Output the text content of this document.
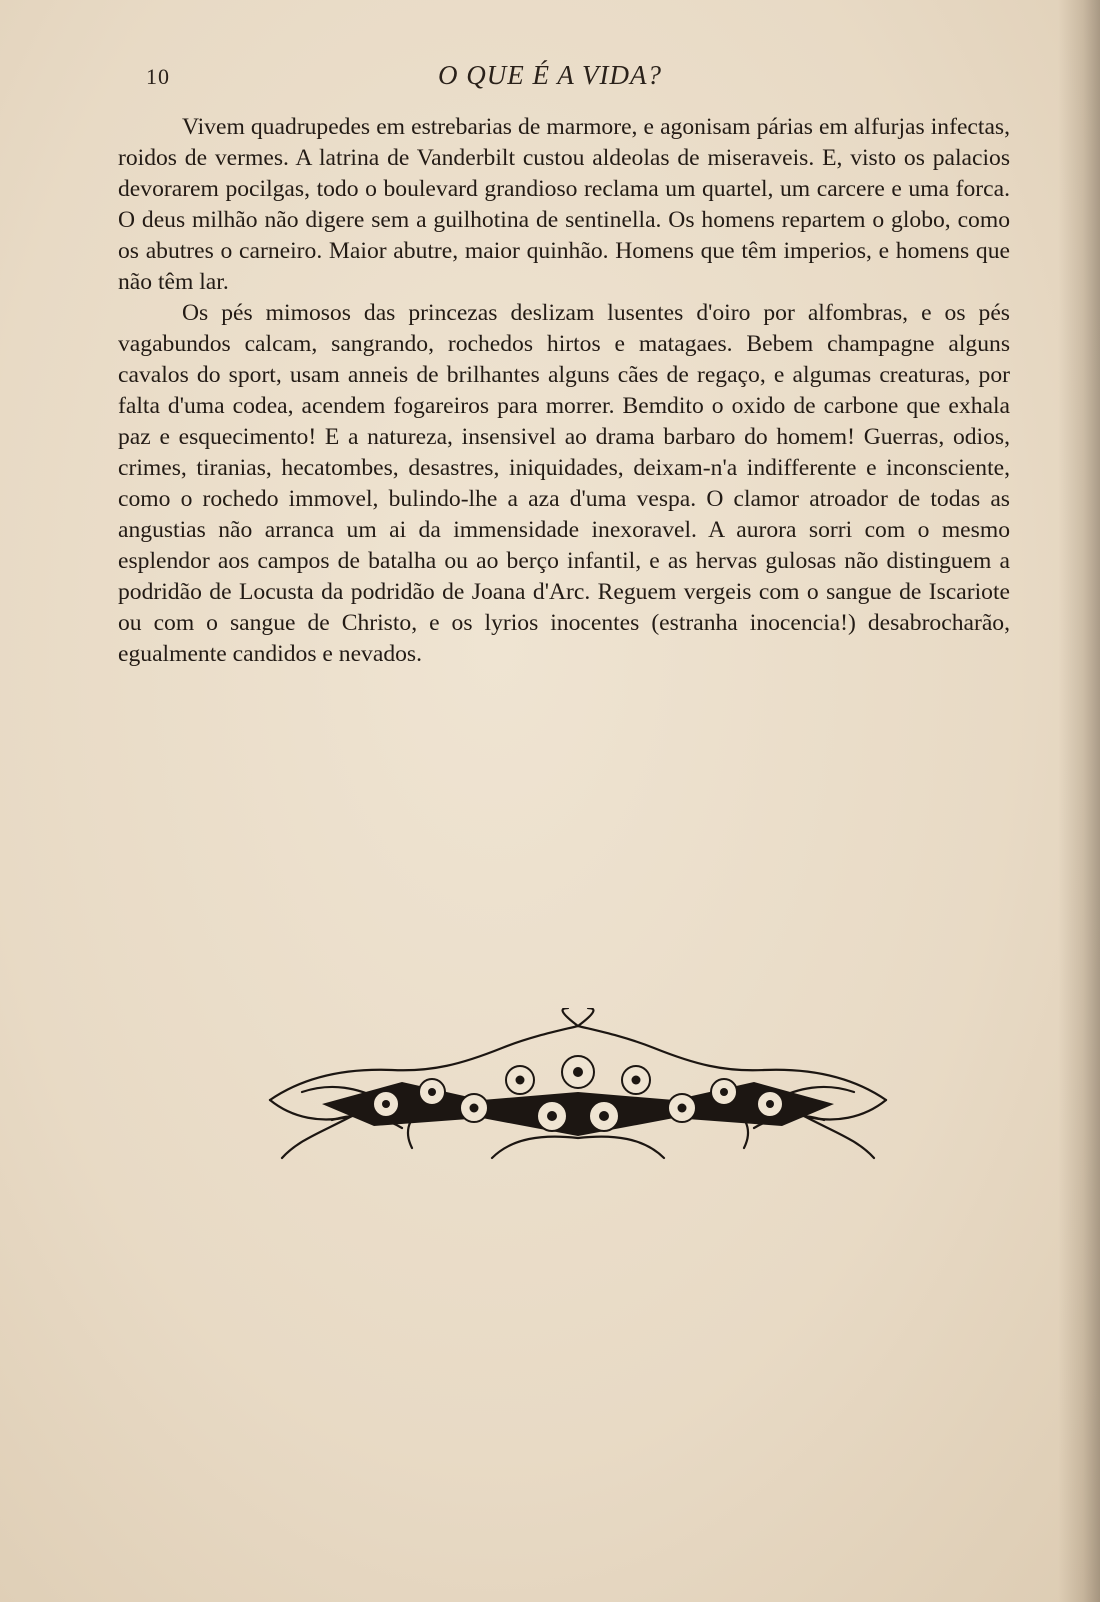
10	O QUE É A VIDA?

Vivem quadrupedes em estrebarias de marmore, e agonisam párias em alfurjas infectas, roidos de vermes. A latrina de Vanderbilt custou aldeolas de miseraveis. E, visto os palacios devorarem pocilgas, todo o boulevard grandioso reclama um quartel, um carcere e uma forca. O deus milhão não digere sem a guilhotina de sentinella. Os homens repartem o globo, como os abutres o carneiro. Maior abutre, maior quinhão. Homens que têm imperios, e homens que não têm lar.

Os pés mimosos das princezas deslizam lusentes d'oiro por alfombras, e os pés vagabundos calcam, sangrando, rochedos hirtos e matagaes. Bebem champagne alguns cavalos do sport, usam anneis de brilhantes alguns cães de regaço, e algumas creaturas, por falta d'uma codea, acendem fogareiros para morrer. Bemdito o oxido de carbone que exhala paz e esquecimento! E a natureza, insensivel ao drama barbaro do homem! Guerras, odios, crimes, tiranias, hecatombes, desastres, iniquidades, deixam-n'a indifferente e inconsciente, como o rochedo immovel, bulindo-lhe a aza d'uma vespa. O clamor atroador de todas as angustias não arranca um ai da immensidade inexoravel. A aurora sorri com o mesmo esplendor aos campos de batalha ou ao berço infantil, e as hervas gulosas não distinguem a podridão de Locusta da podridão de Joana d'Arc. Reguem vergeis com o sangue de Iscariote ou com o sangue de Christo, e os lyrios inocentes (estranha inocencia!) desabrocharão, egualmente candidos e nevados.
